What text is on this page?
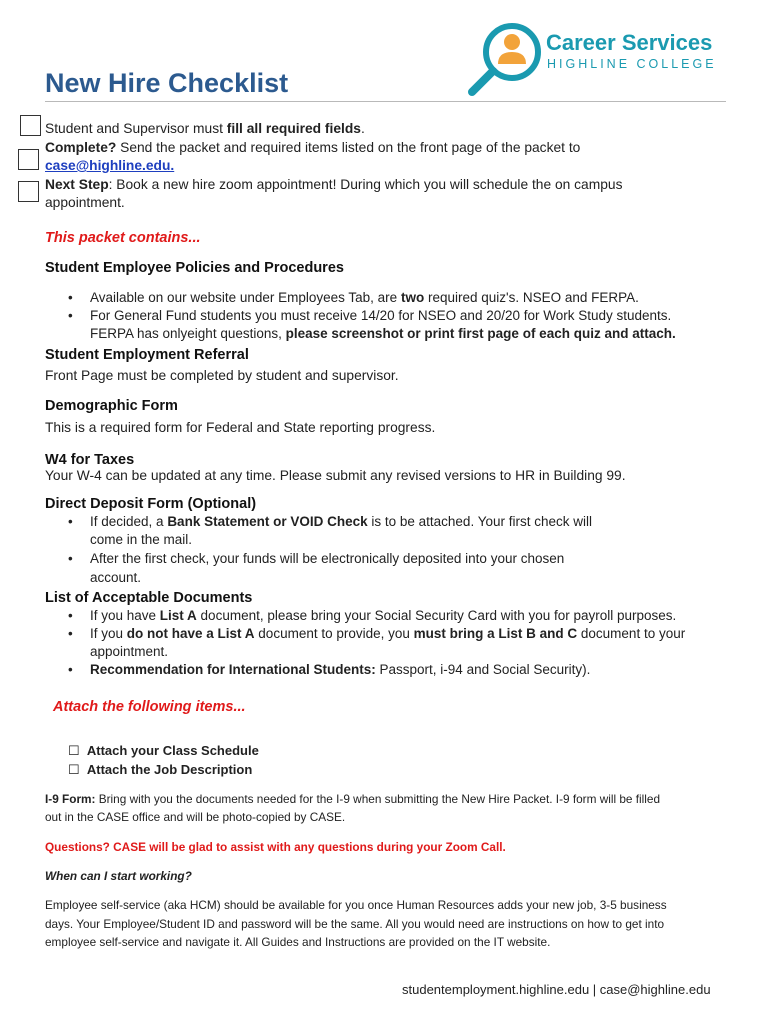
Career Services
HIGHLINE COLLEGE
New Hire Checklist
Student and Supervisor must fill all required fields.
Complete? Send the packet and required items listed on the front page of the packet to
case@highline.edu.
Next Step: Book a new hire zoom appointment! During which you will schedule the on campus
appointment.
This packet contains...
Student Employee Policies and Procedures
• Available on our website under Employees Tab, are two required quiz's. NSEO and FERPA.
• For General Fund students you must receive 14/20 for NSEO and 20/20 for Work Study students.
FERPA has onlyeight questions, please screenshot or print first page of each quiz and attach.
Student Employment Referral
Front Page must be completed by student and supervisor.
Demographic Form
This is a required form for Federal and State reporting progress.
W4 for Taxes
Your W-4 can be updated at any time. Please submit any revised versions to HR in Building 99.
Direct Deposit Form (Optional)
• If decided, a Bank Statement or VOID Check is to be attached. Your first check will
come in the mail.
• After the first check, your funds will be electronically deposited into your chosen
account.
List of Acceptable Documents
• If you have List A document, please bring your Social Security Card with you for payroll purposes.
• If you do not have a List A document to provide, you must bring a List B and C document to your
appointment.
• Recommendation for International Students: Passport, i-94 and Social Security).
Attach the following items...
☐ Attach your Class Schedule
☐ Attach the Job Description
I-9 Form: Bring with you the documents needed for the I-9 when submitting the New Hire Packet. I-9 form will be filled
out in the CASE office and will be photo-copied by CASE.
Questions? CASE will be glad to assist with any questions during your Zoom Call.
When can I start working?
Employee self-service (aka HCM) should be available for you once Human Resources adds your new job, 3-5 business
days. Your Employee/Student ID and password will be the same. All you would need are instructions on how to get into
employee self-service and navigate it. All Guides and Instructions are provided on the IT website.
studentemployment.highline.edu | case@highline.edu
